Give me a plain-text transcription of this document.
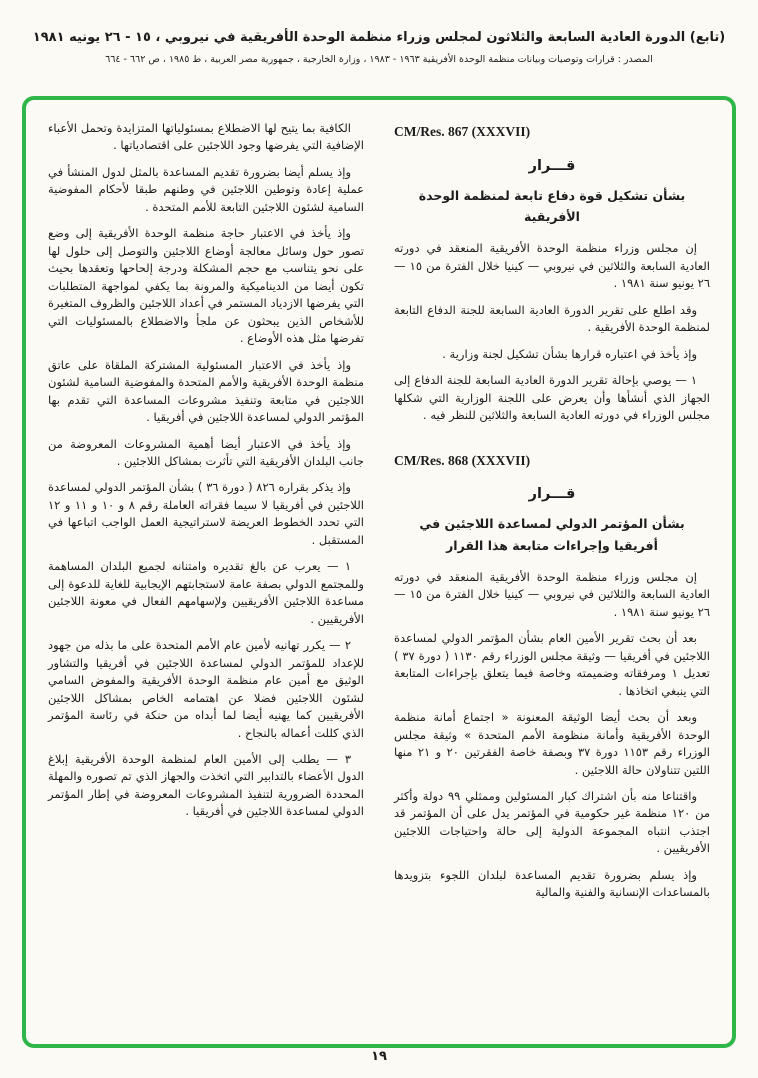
(تابع) الدورة العادية السابعة والثلاثون لمجلس وزراء منظمة الوحدة الأفريقية في نيروبي ، ١٥ - ٢٦ يونيه ١٩٨١
المصدر : قرارات وتوصيات وبيانات منظمة الوحدة الأفريقية ١٩٦٣ - ١٩٨٣ ، وزارة الخارجية ، جمهورية مصر العربية ، ط ١٩٨٥ ، ص ٦٦٢ - ٦٦٤
CM/Res. 867 (XXXVII)
قـــرار
بشأن تشكيل قوة دفاع تابعة لمنظمة الوحدة الأفريقية

إن مجلس وزراء منظمة الوحدة الأفريقية المنعقد في دورته العادية السابعة والثلاثين في نيروبي — كينيا خلال الفترة من ١٥ — ٢٦ يونيو سنة ١٩٨١ .

وقد اطلع على تقرير الدورة العادية السابعة للجنة الدفاع التابعة لمنظمة الوحدة الأفريقية .

وإذ يأخذ في اعتباره قرارها بشأن تشكيل لجنة وزارية .

١ — يوصي بإحالة تقرير الدورة العادية السابعة للجنة الدفاع إلى الجهاز الذي أنشأها وأن يعرض على اللجنة الوزارية التي شكلها مجلس الوزراء في دورته العادية السابعة والثلاثين للنظر فيه .

CM/Res. 868 (XXXVII)
قـــرار
بشأن المؤتمر الدولي لمساعدة اللاجئين في أفريقيا وإجراءات متابعة هذا القرار

إن مجلس وزراء منظمة الوحدة الأفريقية المنعقد في دورته العادية السابعة والثلاثين في نيروبي — كينيا خلال الفترة من ١٥ — ٢٦ يونيو سنة ١٩٨١ .

بعد أن بحث تقرير الأمين العام بشأن المؤتمر الدولي لمساعدة اللاجئين في أفريقيا — وثيقة مجلس الوزراء رقم ١١٣٠ ( دورة ٣٧ ) تعديل ١ ومرفقاته وضميمته وخاصة فيما يتعلق بإجراءات المتابعة التي ينبغي اتخاذها .

وبعد أن بحث أيضا الوثيقة المعنونة « اجتماع أمانة منظمة الوحدة الأفريقية وأمانة منظومة الأمم المتحدة » وثيقة مجلس الوزراء رقم ١١٥٣ دورة ٣٧ وبصفة خاصة الفقرتين ٢٠ و ٢١ منها اللتين تتناولان حالة اللاجئين .

واقتناعا منه بأن اشتراك كبار المسئولين وممثلي ٩٩ دولة وأكثر من ١٢٠ منظمة غير حكومية في المؤتمر يدل على أن المؤتمر قد اجتذب انتباه المجموعة الدولية إلى حالة واحتياجات اللاجئين الأفريقيين .

وإذ يسلم بضرورة تقديم المساعدة لبلدان اللجوء بتزويدها بالمساعدات الإنسانية والفنية والمالية

الكافية بما يتيح لها الاضطلاع بمسئولياتها المتزايدة وتحمل الأعباء الإضافية التي يفرضها وجود اللاجئين على اقتصادياتها .

وإذ يسلم أيضا بضرورة تقديم المساعدة بالمثل لدول المنشأ في عملية إعادة وتوطين اللاجئين في وطنهم طبقا لأحكام المفوضية السامية لشئون اللاجئين التابعة للأمم المتحدة .

وإذ يأخذ في الاعتبار حاجة منظمة الوحدة الأفريقية إلى وضع تصور حول وسائل معالجة أوضاع اللاجئين والتوصل إلى حلول لها على نحو يتناسب مع حجم المشكلة ودرجة إلحاحها وتعقدها بحيث تكون أيضا من الديناميكية والمرونة بما يكفي لمواجهة المتطلبات التي يفرضها الازدياد المستمر في أعداد اللاجئين والظروف المتغيرة للأشخاص الذين يبحثون عن ملجأ والاضطلاع بالمسئوليات التي تفرضها مثل هذه الأوضاع .

وإذ يأخذ في الاعتبار المسئولية المشتركة الملقاة على عاتق منظمة الوحدة الأفريقية والأمم المتحدة والمفوضية السامية لشئون اللاجئين في متابعة وتنفيذ مشروعات المساعدة التي تقدم بها المؤتمر الدولي لمساعدة اللاجئين في أفريقيا .

وإذ يأخذ في الاعتبار أيضا أهمية المشروعات المعروضة من جانب البلدان الأفريقية التي تأثرت بمشاكل اللاجئين .

وإذ يذكر بقراره ٨٢٦ ( دورة ٣٦ ) بشأن المؤتمر الدولي لمساعدة اللاجئين في أفريقيا لا سيما فقراته العاملة رقم ٨ و ١٠ و ١١ و ١٢ التي تحدد الخطوط العريضة لاستراتيجية العمل الواجب اتباعها في المستقبل .

١ — يعرب عن بالغ تقديره وامتنانه لجميع البلدان المساهمة وللمجتمع الدولي بصفة عامة لاستجابتهم الإيجابية للغاية للدعوة إلى مساعدة اللاجئين الأفريقيين ولإسهامهم الفعال في معونة اللاجئين الأفريقيين .

٢ — يكرر تهانيه لأمين عام الأمم المتحدة على ما بذله من جهود للإعداد للمؤتمر الدولي لمساعدة اللاجئين في أفريقيا والتشاور الوثيق مع أمين عام منظمة الوحدة الأفريقية والمفوض السامي لشئون اللاجئين فضلا عن اهتمامه الخاص بمشاكل اللاجئين الأفريقيين كما يهنيه أيضا لما أبداه من حنكة في رئاسة المؤتمر الذي كللت أعماله بالنجاح .

٣ — يطلب إلى الأمين العام لمنظمة الوحدة الأفريقية إبلاغ الدول الأعضاء بالتدابير التي اتخذت والجهاز الذي تم تصوره والمهلة المحددة الضرورية لتنفيذ المشروعات المعروضة في إطار المؤتمر الدولي لمساعدة اللاجئين في أفريقيا .

١٩
